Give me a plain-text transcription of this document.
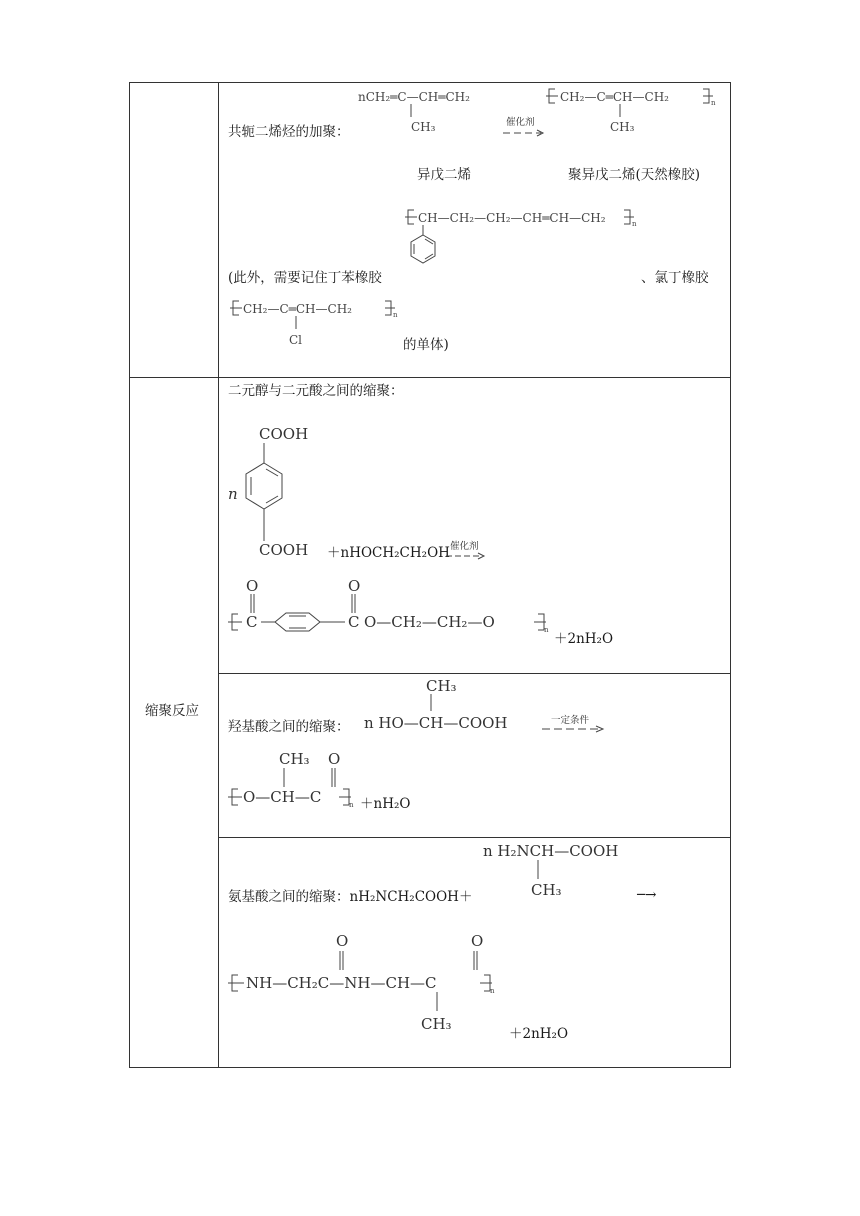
nCH₂═C—CH═CH₂
CH₃	催化剂
CH₂—C═CH—CH₂	n
CH₃
共轭二烯烃的加聚：
异戊二烯	聚异戊二烯(天然橡胶)
CH—CH₂—CH₂—CH═CH—CH₂	n
(此外，需要记住丁苯橡胶	、氯丁橡胶
CH₂—C═CH—CH₂	n
Cl	的单体)
缩聚反应
二元醇与二元酸之间的缩聚：
COOH
n
COOH ＋nHOCH₂CH₂OH 催化剂
O	O
C	C O—CH₂—CH₂—O	n
＋2nH₂O
CH₃
羟基酸之间的缩聚： n HO—CH—COOH	一定条件
CH₃ O
O—CH—C	n ＋nH₂O
n H₂NCH—COOH
CH₃
氨基酸之间的缩聚：nH₂NCH₂COOH＋	─→
O	O
NH—CH₂C—NH—CH—C	n
CH₃
＋2nH₂O
